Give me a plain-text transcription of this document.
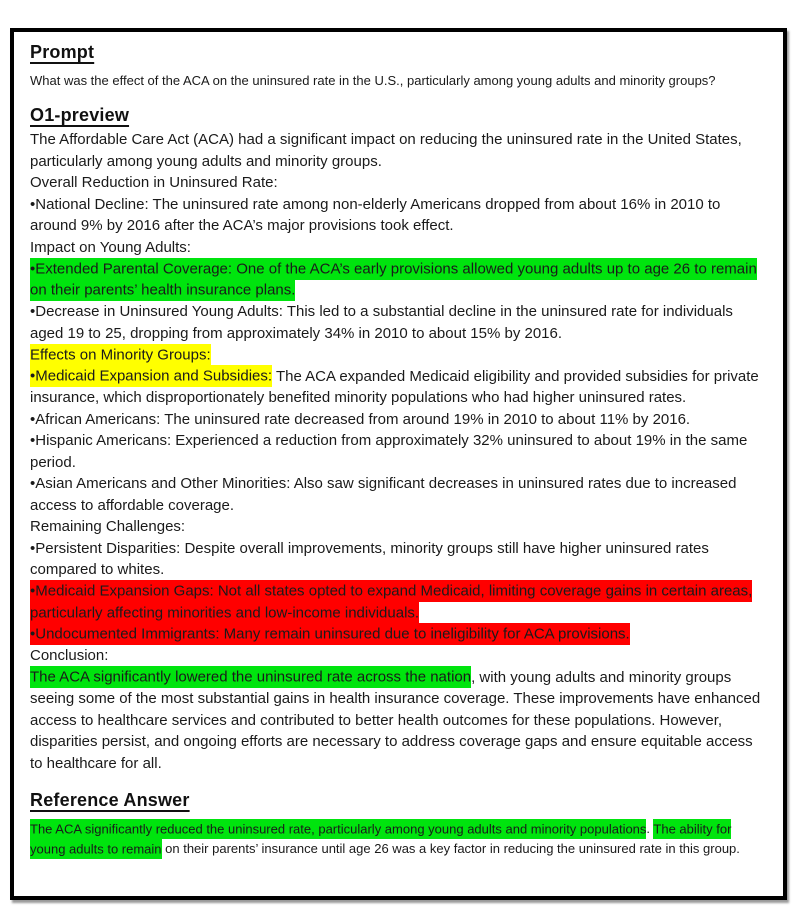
Prompt

What was the effect of the ACA on the uninsured rate in the U.S., particularly among young adults and minority groups?

O1-preview

The Affordable Care Act (ACA) had a significant impact on reducing the uninsured rate in the United States, particularly among young adults and minority groups.

Overall Reduction in Uninsured Rate:

•National Decline: The uninsured rate among non-elderly Americans dropped from about 16% in 2010 to around 9% by 2016 after the ACA’s major provisions took effect.

Impact on Young Adults:

•Extended Parental Coverage: One of the ACA’s early provisions allowed young adults up to age 26 to remain on their parents’ health insurance plans.

•Decrease in Uninsured Young Adults: This led to a substantial decline in the uninsured rate for individuals aged 19 to 25, dropping from approximately 34% in 2010 to about 15% by 2016.

Effects on Minority Groups:

•Medicaid Expansion and Subsidies: The ACA expanded Medicaid eligibility and provided subsidies for private insurance, which disproportionately benefited minority populations who had higher uninsured rates.

•African Americans: The uninsured rate decreased from around 19% in 2010 to about 11% by 2016.

•Hispanic Americans: Experienced a reduction from approximately 32% uninsured to about 19% in the same period.

•Asian Americans and Other Minorities: Also saw significant decreases in uninsured rates due to increased access to affordable coverage.

Remaining Challenges:

•Persistent Disparities: Despite overall improvements, minority groups still have higher uninsured rates compared to whites.

•Medicaid Expansion Gaps: Not all states opted to expand Medicaid, limiting coverage gains in certain areas, particularly affecting minorities and low-income individuals.

•Undocumented Immigrants: Many remain uninsured due to ineligibility for ACA provisions.

Conclusion:

The ACA significantly lowered the uninsured rate across the nation, with young adults and minority groups seeing some of the most substantial gains in health insurance coverage. These improvements have enhanced access to healthcare services and contributed to better health outcomes for these populations. However, disparities persist, and ongoing efforts are necessary to address coverage gaps and ensure equitable access to healthcare for all.

Reference Answer

The ACA significantly reduced the uninsured rate, particularly among young adults and minority populations. The ability for young adults to remain on their parents’ insurance until age 26 was a key factor in reducing the uninsured rate in this group.
